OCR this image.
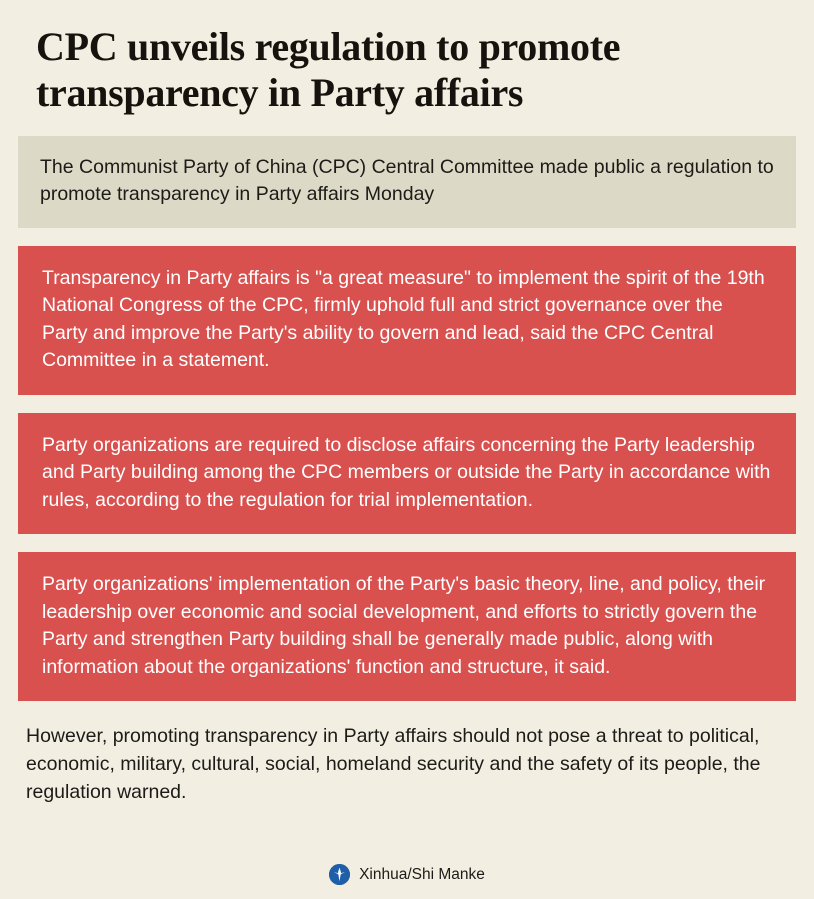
CPC unveils regulation to promote transparency in Party affairs
The Communist Party of China (CPC) Central Committee made public a regulation to promote transparency in Party affairs Monday
Transparency in Party affairs is "a great measure" to implement the spirit of the 19th National Congress of the CPC, firmly uphold full and strict governance over the Party and improve the Party's ability to govern and lead, said the CPC Central Committee in a statement.
Party organizations are required to disclose affairs concerning the Party leadership and Party building among the CPC members or outside the Party in accordance with rules, according to the regulation for trial implementation.
Party organizations' implementation of the Party's basic theory, line, and policy, their leadership over economic and social development, and efforts to strictly govern the Party and strengthen Party building shall be generally made public, along with information about the organizations' function and structure, it said.
However, promoting transparency in Party affairs should not pose a threat to political, economic, military, cultural, social, homeland security and the safety of its people, the regulation warned.
Xinhua/Shi Manke
